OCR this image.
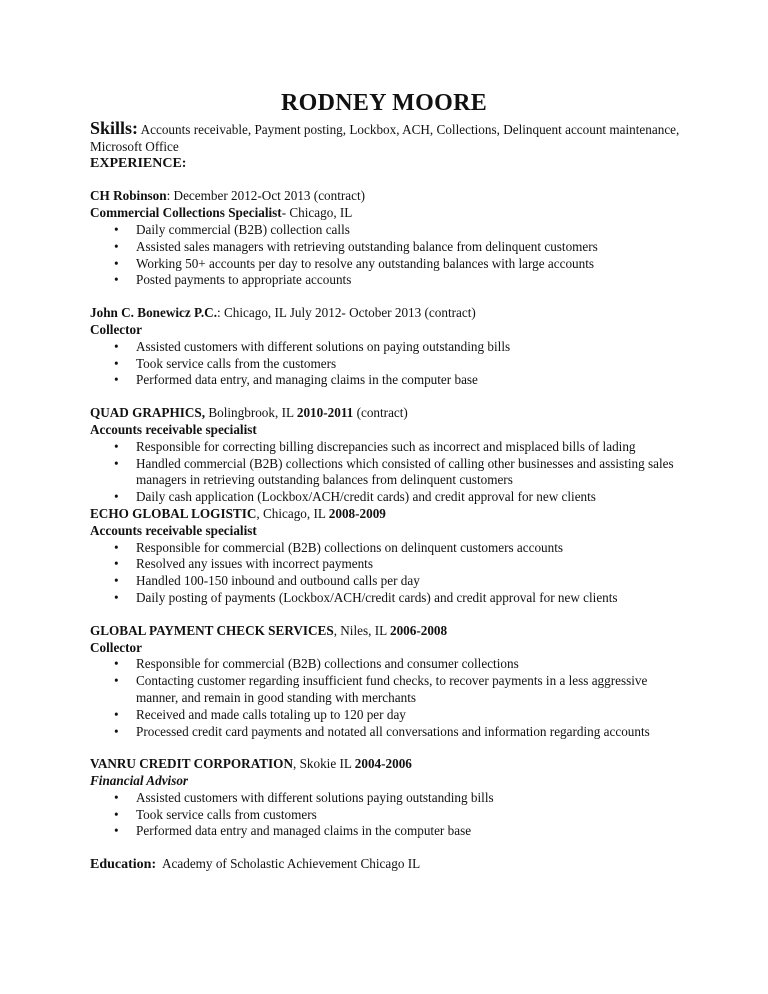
RODNEY MOORE

Skills: Accounts receivable, Payment posting, Lockbox, ACH, Collections, Delinquent account maintenance, Microsoft Office

EXPERIENCE:
CH Robinson: December 2012-Oct 2013 (contract)
Commercial Collections Specialist- Chicago, IL
• Daily commercial (B2B) collection calls
• Assisted sales managers with retrieving outstanding balance from delinquent customers
• Working 50+ accounts per day to resolve any outstanding balances with large accounts
• Posted payments to appropriate accounts
John C. Bonewicz P.C.: Chicago, IL July 2012- October 2013 (contract)
Collector
• Assisted customers with different solutions on paying outstanding bills
• Took service calls from the customers
• Performed data entry, and managing claims in the computer base
QUAD GRAPHICS, Bolingbrook, IL 2010-2011 (contract)
Accounts receivable specialist
• Responsible for correcting billing discrepancies such as incorrect and misplaced bills of lading
• Handled commercial (B2B) collections which consisted of calling other businesses and assisting sales managers in retrieving outstanding balances from delinquent customers
• Daily cash application (Lockbox/ACH/credit cards) and credit approval for new clients
ECHO GLOBAL LOGISTIC, Chicago, IL 2008-2009
Accounts receivable specialist
• Responsible for commercial (B2B) collections on delinquent customers accounts
• Resolved any issues with incorrect payments
• Handled 100-150 inbound and outbound calls per day
• Daily posting of payments (Lockbox/ACH/credit cards) and credit approval for new clients
GLOBAL PAYMENT CHECK SERVICES, Niles, IL 2006-2008
Collector
• Responsible for commercial (B2B) collections and consumer collections
• Contacting customer regarding insufficient fund checks, to recover payments in a less aggressive manner, and remain in good standing with merchants
• Received and made calls totaling up to 120 per day
• Processed credit card payments and notated all conversations and information regarding accounts
VANRU CREDIT CORPORATION, Skokie IL 2004-2006
Financial Advisor
• Assisted customers with different solutions paying outstanding bills
• Took service calls from customers
• Performed data entry and managed claims in the computer base
Education:  Academy of Scholastic Achievement Chicago IL
